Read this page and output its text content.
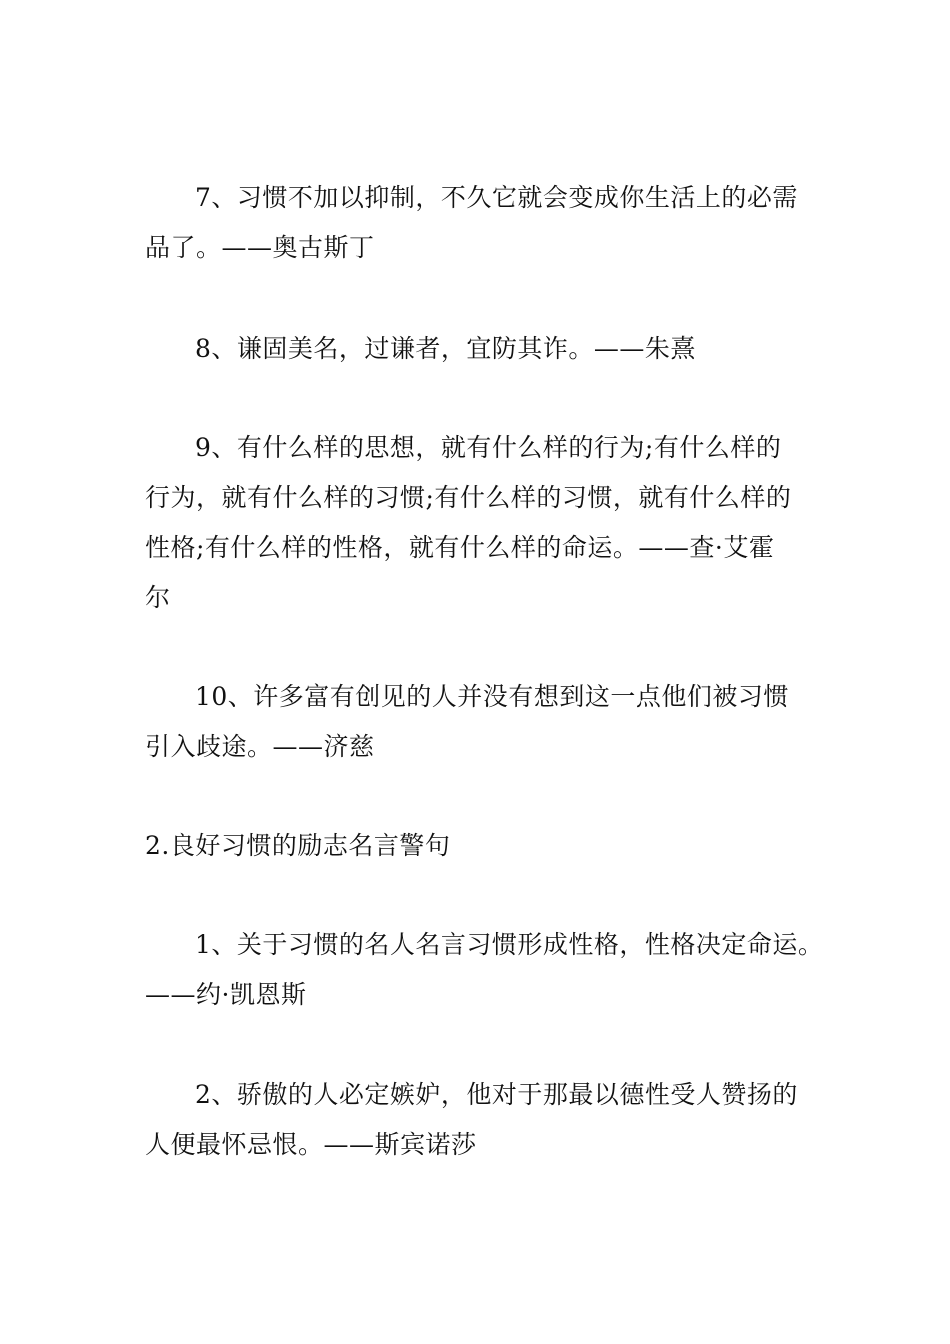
7、习惯不加以抑制，不久它就会变成你生活上的必需
品了。——奥古斯丁
8、谦固美名，过谦者，宜防其诈。——朱熹
9、有什么样的思想，就有什么样的行为;有什么样的
行为，就有什么样的习惯;有什么样的习惯，就有什么样的
性格;有什么样的性格，就有什么样的命运。——查·艾霍
尔
10、许多富有创见的人并没有想到这一点他们被习惯
引入歧途。——济慈
2.良好习惯的励志名言警句
1、关于习惯的名人名言习惯形成性格，性格决定命运。
——约·凯恩斯
2、骄傲的人必定嫉妒，他对于那最以德性受人赞扬的
人便最怀忌恨。——斯宾诺莎
